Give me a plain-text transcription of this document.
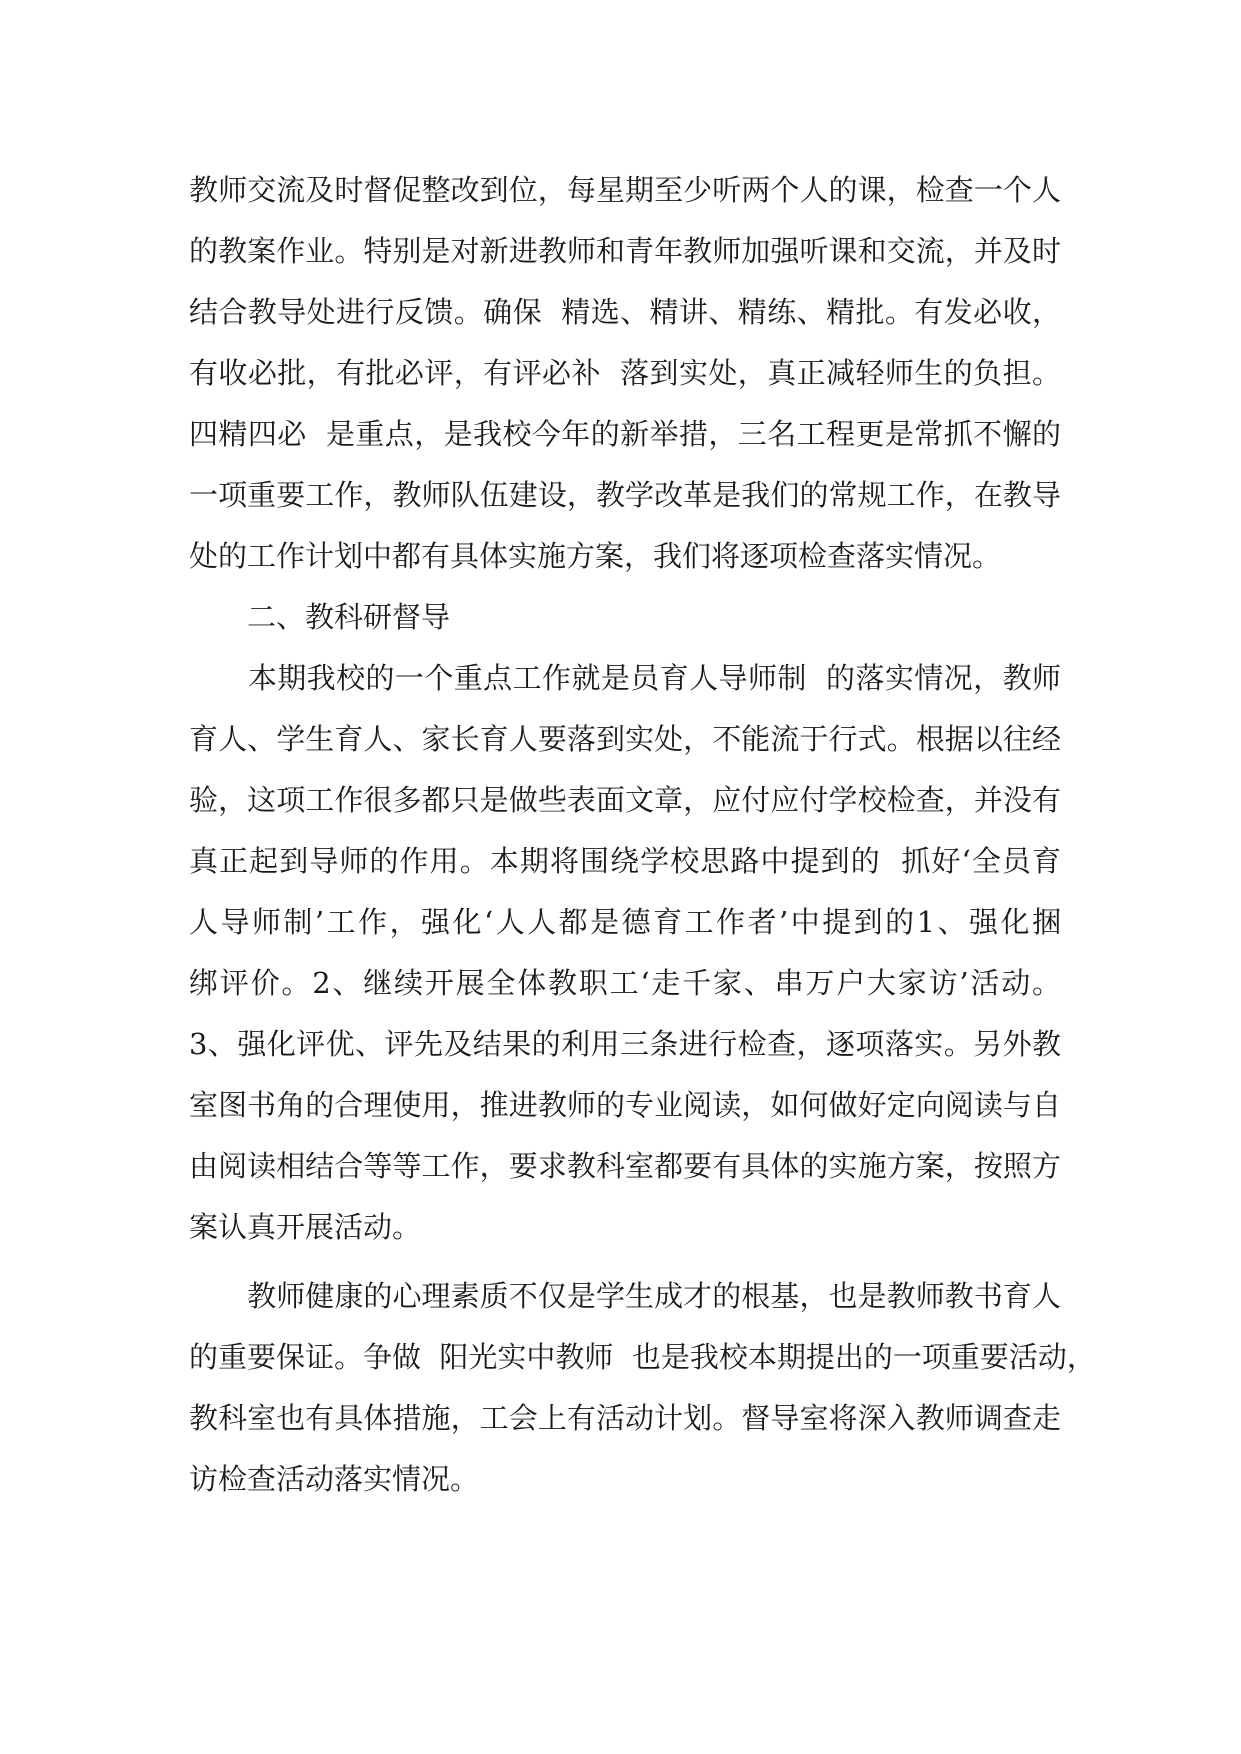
教师交流及时督促整改到位，每星期至少听两个人的课，检查一个人
的教案作业。特别是对新进教师和青年教师加强听课和交流，并及时
结合教导处进行反馈。确保  精选、精讲、精练、精批。有发必收，
有收必批，有批必评，有评必补  落到实处，真正减轻师生的负担。
四精四必  是重点，是我校今年的新举措，三名工程更是常抓不懈的
一项重要工作，教师队伍建设，教学改革是我们的常规工作，在教导
处的工作计划中都有具体实施方案，我们将逐项检查落实情况。
二、教科研督导
　　本期我校的一个重点工作就是员育人导师制  的落实情况，教师
育人、学生育人、家长育人要落到实处，不能流于行式。根据以往经
验，这项工作很多都只是做些表面文章，应付应付学校检查，并没有
真正起到导师的作用。本期将围绕学校思路中提到的  抓好‘全员育
人导师制’工作，强化‘人人都是德育工作者’中提到的1、强化捆
绑评价。2、继续开展全体教职工‘走千家、串万户大家访’活动。
3、强化评优、评先及结果的利用三条进行检查，逐项落实。另外教
室图书角的合理使用，推进教师的专业阅读，如何做好定向阅读与自
由阅读相结合等等工作，要求教科室都要有具体的实施方案，按照方
案认真开展活动。
　　教师健康的心理素质不仅是学生成才的根基，也是教师教书育人
的重要保证。争做  阳光实中教师  也是我校本期提出的一项重要活动，
教科室也有具体措施，工会上有活动计划。督导室将深入教师调查走
访检查活动落实情况。
